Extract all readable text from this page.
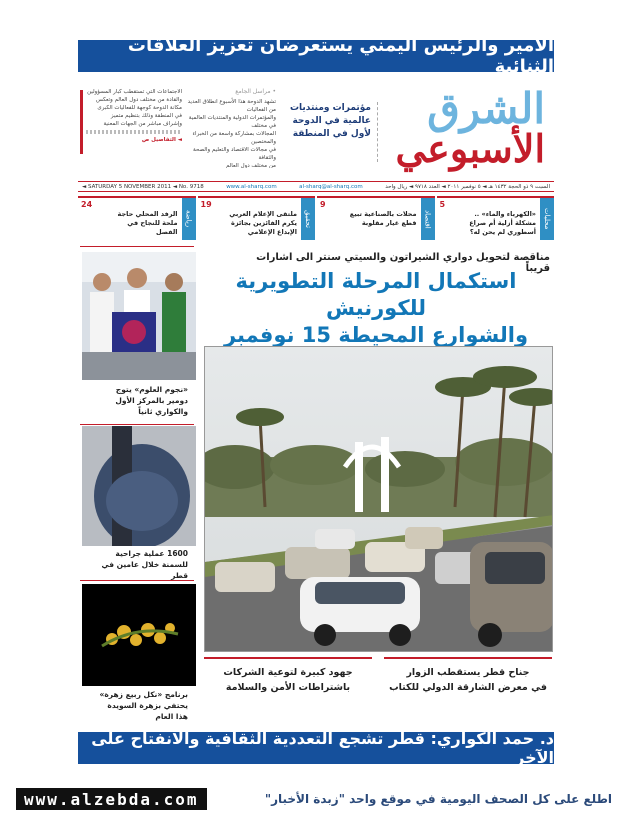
الأمير والرئيس اليمني يستعرضان تعزيز العلاقات الثنائية
الشرق
الأسبوعي
مؤتمرات ومنتديات عالمية في الدوحة لأول في المنطقة
• مراسل الجامع
تشهد الدوحة هذا الأسبوع انطلاق العديد من الفعاليات
والمؤتمرات الدولية والمنتديات العالمية في مختلف
المجالات بمشاركة واسعة من الخبراء والمختصين
في مجالات الاقتصاد والتعليم والصحة والثقافة
من مختلف دول العالم
الاجتماعات التي تستقطب كبار المسؤولين
والقادة من مختلف دول العالم وتعكس
مكانة الدوحة كوجهة للفعاليات الكبرى
في المنطقة وذلك بتنظيم متميز
وإشراف مباشر من الجهات المعنية
◄ التفاصيل ص
◄ SATURDAY 5 NOVEMBER 2011 ◄ No. 9718	www.al-sharq.com	al-sharq@al-sharq.com	السبت ٩ ذو الحجة ١٤٣٢ هـ ◄ ٥ نوفمبر ٢٠١١ ◄ العدد ٩٧١٨ ◄ ريال واحد
محليات
5
«الكهرباء والماء» .. مشكلة أزلية أم صراع أسطوري لم يحن له؟
اقتصاد
9
محلات بالصناعية تبيع قطع غيار مقلوبة
تحقيق
19
ملتقى الإعلام العربي يكرم الفائزين بجائزة الإبداع الإعلامي
رياضة
24
الرفد المحلي حاجة ملحة للنجاح في الفصل
مناقصة لتحويل دواري الشيراتون والسيتي سنتر الى اشارات قريباً
استكمال المرحلة التطويرية للكورنيش
والشوارع المحيطة 15 نوفمبر
جناح قطر يستقطب الزوار
في معرض الشارقة الدولي للكتاب
جهود كبيرة لتوعية الشركات
باشتراطات الأمن والسلامة
د. حمد الكواري: قطر تشجع التعددية الثقافية والانفتاح على الآخر
«نجوم العلوم» يتوج دومير بالمركز الأول والكواري ثانياً
1600 عملية جراحية للسمنة خلال عامين في قطر
برنامج «نكل ربيع زهرة» يحتفي بزهرة السويدة هذا العام
www.alzebda.com	اطلع على كل الصحف اليومية في موقع واحد "زبدة الأخبار"
